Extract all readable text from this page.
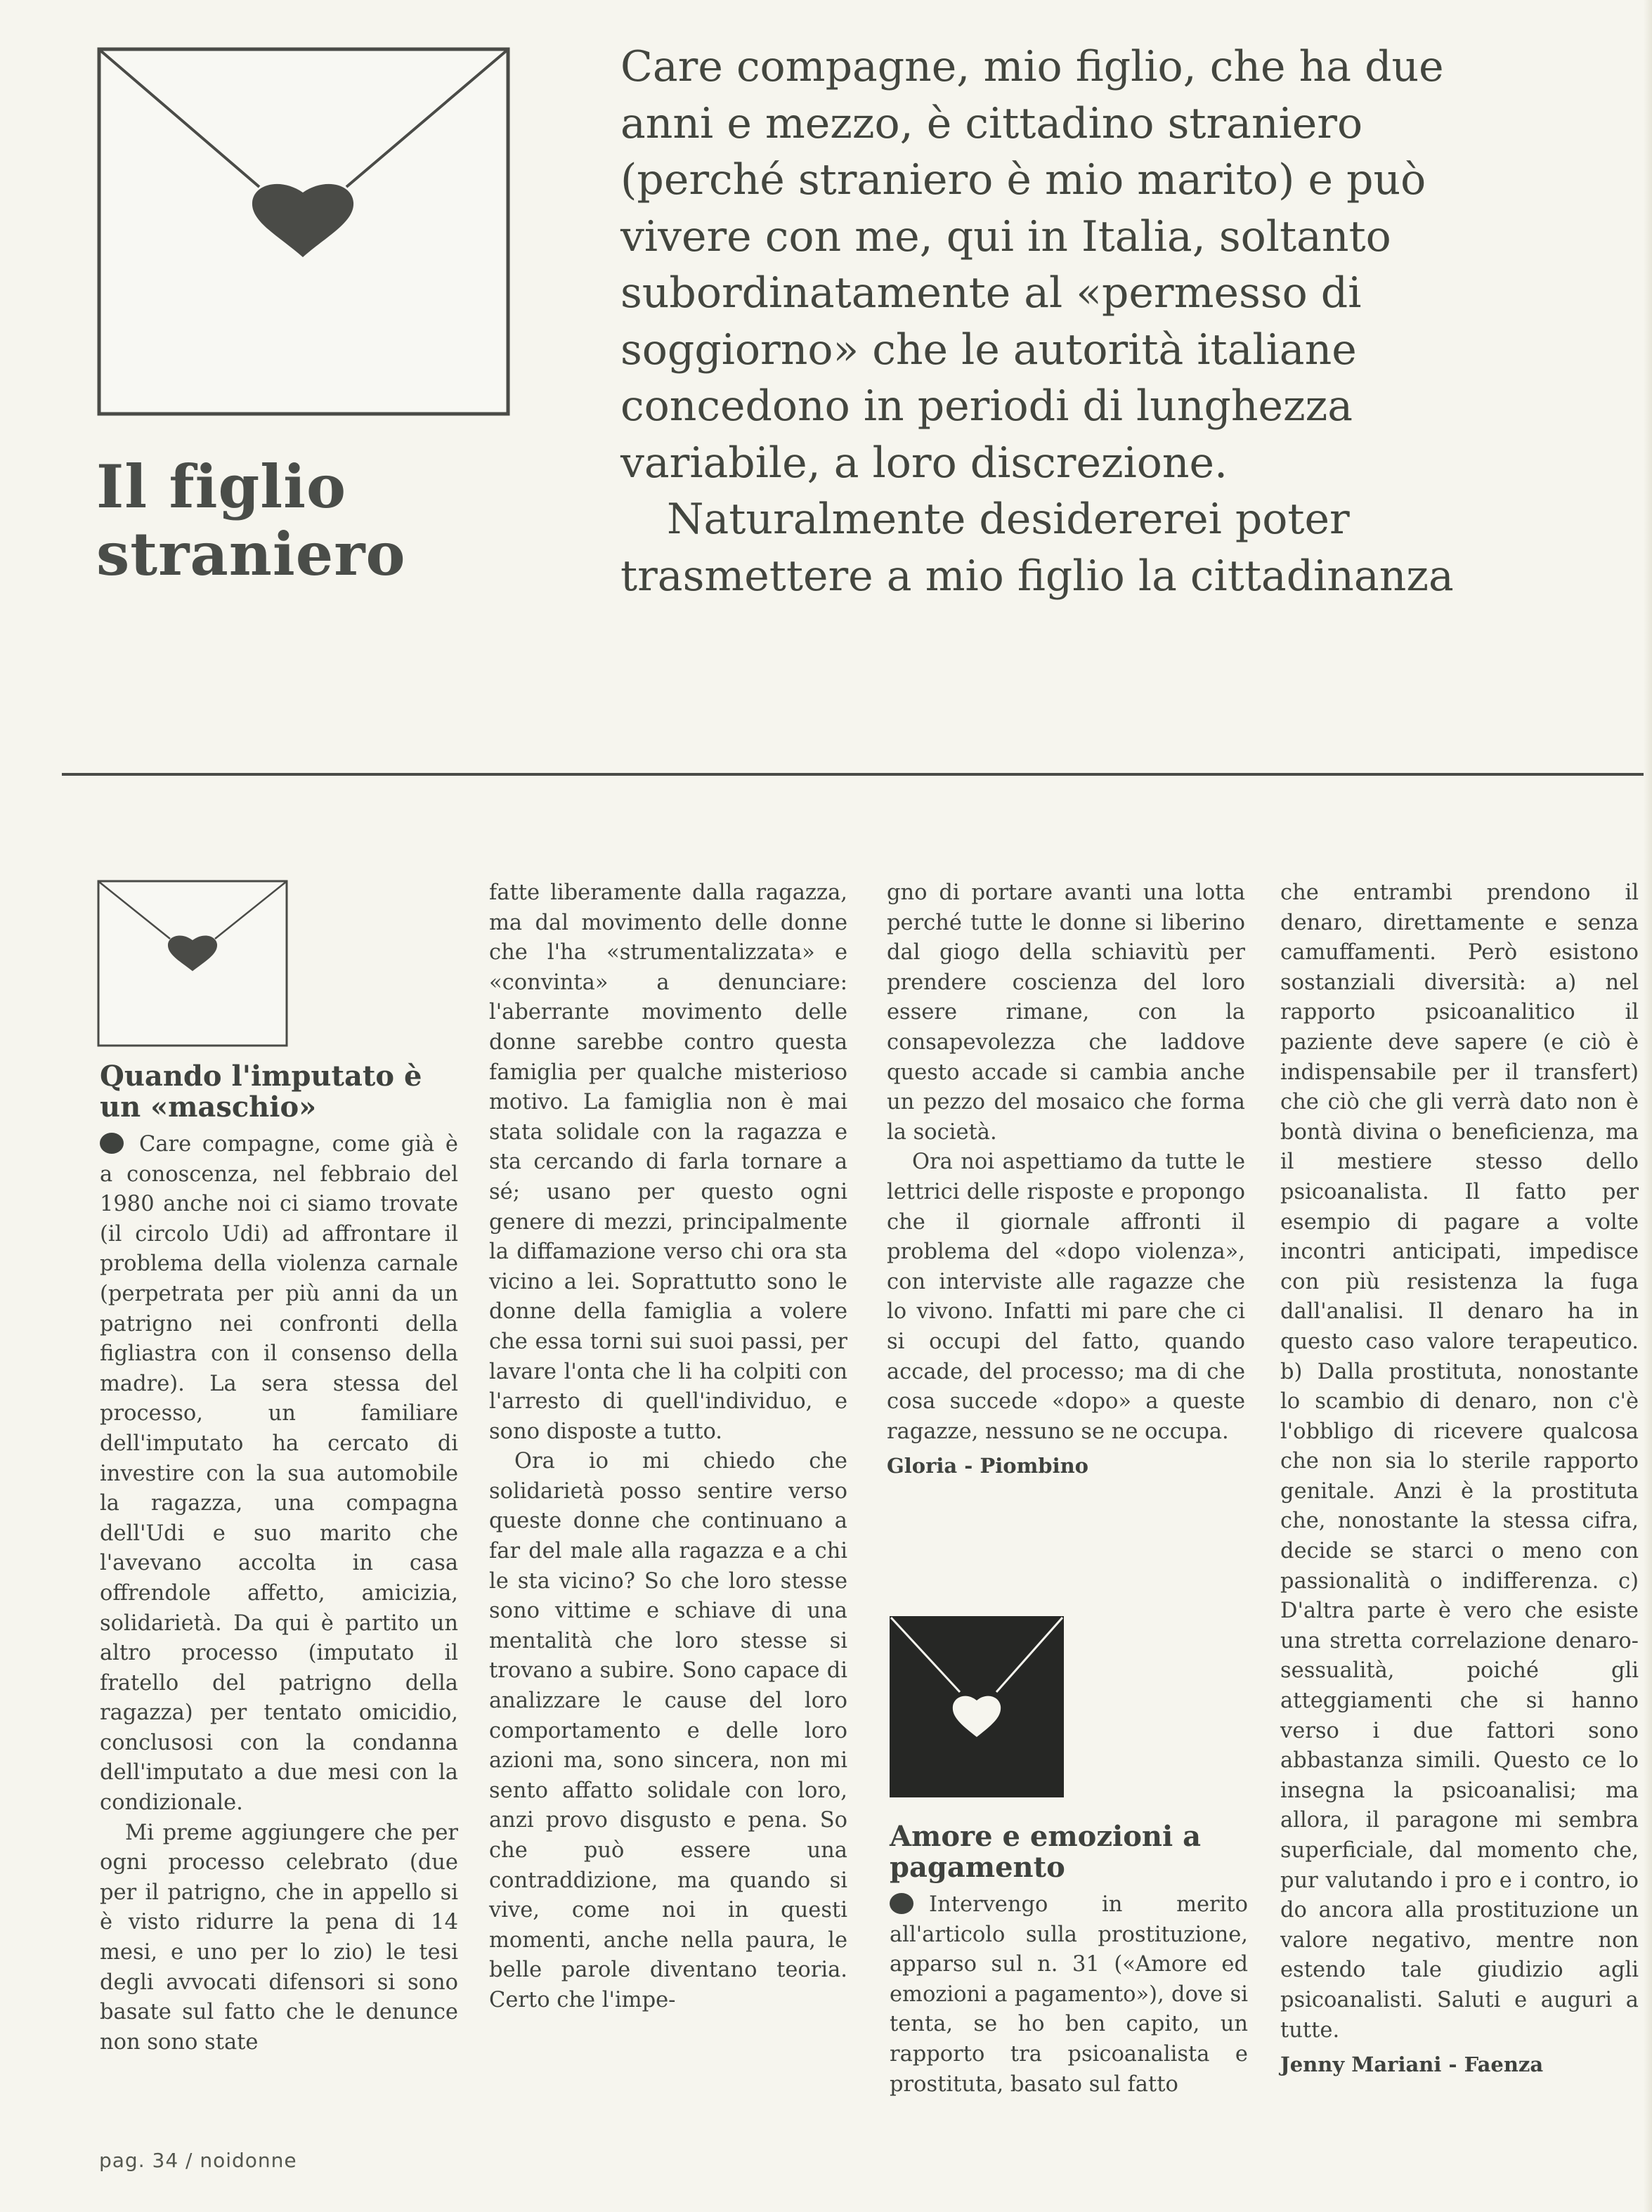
Il figlio
straniero
Care compagne, mio figlio, che ha due
anni e mezzo, è cittadino straniero
(perché straniero è mio marito) e può
vivere con me, qui in Italia, soltanto
subordinatamente al «permesso di
soggiorno» che le autorità italiane
concedono in periodi di lunghezza
variabile, a loro discrezione.
Naturalmente desidererei poter
trasmettere a mio figlio la cittadinanza
Quando l'imputato è un «maschio»

Care compagne, come già è a conoscenza, nel febbraio del 1980 anche noi ci siamo trovate (il circolo Udi) ad affrontare il problema della violenza carnale (perpetrata per più anni da un patrigno nei confronti della figliastra con il consenso della madre). La sera stessa del processo, un familiare dell'imputato ha cercato di investire con la sua automobile la ragazza, una compagna dell'Udi e suo marito che l'avevano accolta in casa offrendole affetto, amicizia, solidarietà. Da qui è partito un altro processo (imputato il fratello del patrigno della ragazza) per tentato omicidio, conclusosi con la condanna dell'imputato a due mesi con la condizionale.

Mi preme aggiungere che per ogni processo celebrato (due per il patrigno, che in appello si è visto ridurre la pena di 14 mesi, e uno per lo zio) le tesi degli avvocati difensori si sono basate sul fatto che le denunce non sono state

fatte liberamente dalla ragazza, ma dal movimento delle donne che l'ha «strumentalizzata» e «convinta» a denunciare: l'aberrante movimento delle donne sarebbe contro questa famiglia per qualche misterioso motivo. La famiglia non è mai stata solidale con la ragazza e sta cercando di farla tornare a sé; usano per questo ogni genere di mezzi, principalmente la diffamazione verso chi ora sta vicino a lei. Soprattutto sono le donne della famiglia a volere che essa torni sui suoi passi, per lavare l'onta che li ha colpiti con l'arresto di quell'individuo, e sono disposte a tutto.

Ora io mi chiedo che solidarietà posso sentire verso queste donne che continuano a far del male alla ragazza e a chi le sta vicino? So che loro stesse sono vittime e schiave di una mentalità che loro stesse si trovano a subire. Sono capace di analizzare le cause del loro comportamento e delle loro azioni ma, sono sincera, non mi sento affatto solidale con loro, anzi provo disgusto e pena. So che può essere una contraddizione, ma quando si vive, come noi in questi momenti, anche nella paura, le belle parole diventano teoria. Certo che l'impe-

gno di portare avanti una lotta perché tutte le donne si liberino dal giogo della schiavitù per prendere coscienza del loro essere rimane, con la consapevolezza che laddove questo accade si cambia anche un pezzo del mosaico che forma la società.

Ora noi aspettiamo da tutte le lettrici delle risposte e propongo che il giornale affronti il problema del «dopo violenza», con interviste alle ragazze che lo vivono. Infatti mi pare che ci si occupi del fatto, quando accade, del processo; ma di che cosa succede «dopo» a queste ragazze, nessuno se ne occupa.

Gloria - Piombino
Amore e emozioni a pagamento

Intervengo in merito all'articolo sulla prostituzione, apparso sul n. 31 («Amore ed emozioni a pagamento»), dove si tenta, se ho ben capito, un rapporto tra psicoanalista e prostituta, basato sul fatto

che entrambi prendono il denaro, direttamente e senza camuffamenti. Però esistono sostanziali diversità: a) nel rapporto psicoanalitico il paziente deve sapere (e ciò è indispensabile per il transfert) che ciò che gli verrà dato non è bontà divina o beneficienza, ma il mestiere stesso dello psicoanalista. Il fatto per esempio di pagare a volte incontri anticipati, impedisce con più resistenza la fuga dall'analisi. Il denaro ha in questo caso valore terapeutico. b) Dalla prostituta, nonostante lo scambio di denaro, non c'è l'obbligo di ricevere qualcosa che non sia lo sterile rapporto genitale. Anzi è la prostituta che, nonostante la stessa cifra, decide se starci o meno con passionalità o indifferenza. c) D'altra parte è vero che esiste una stretta correlazione denaro-sessualità, poiché gli atteggiamenti che si hanno verso i due fattori sono abbastanza simili. Questo ce lo insegna la psicoanalisi; ma allora, il paragone mi sembra superficiale, dal momento che, pur valutando i pro e i contro, io do ancora alla prostituzione un valore negativo, mentre non estendo tale giudizio agli psicoanalisti. Saluti e auguri a tutte.

Jenny Mariani - Faenza
pag. 34 / noidonne
